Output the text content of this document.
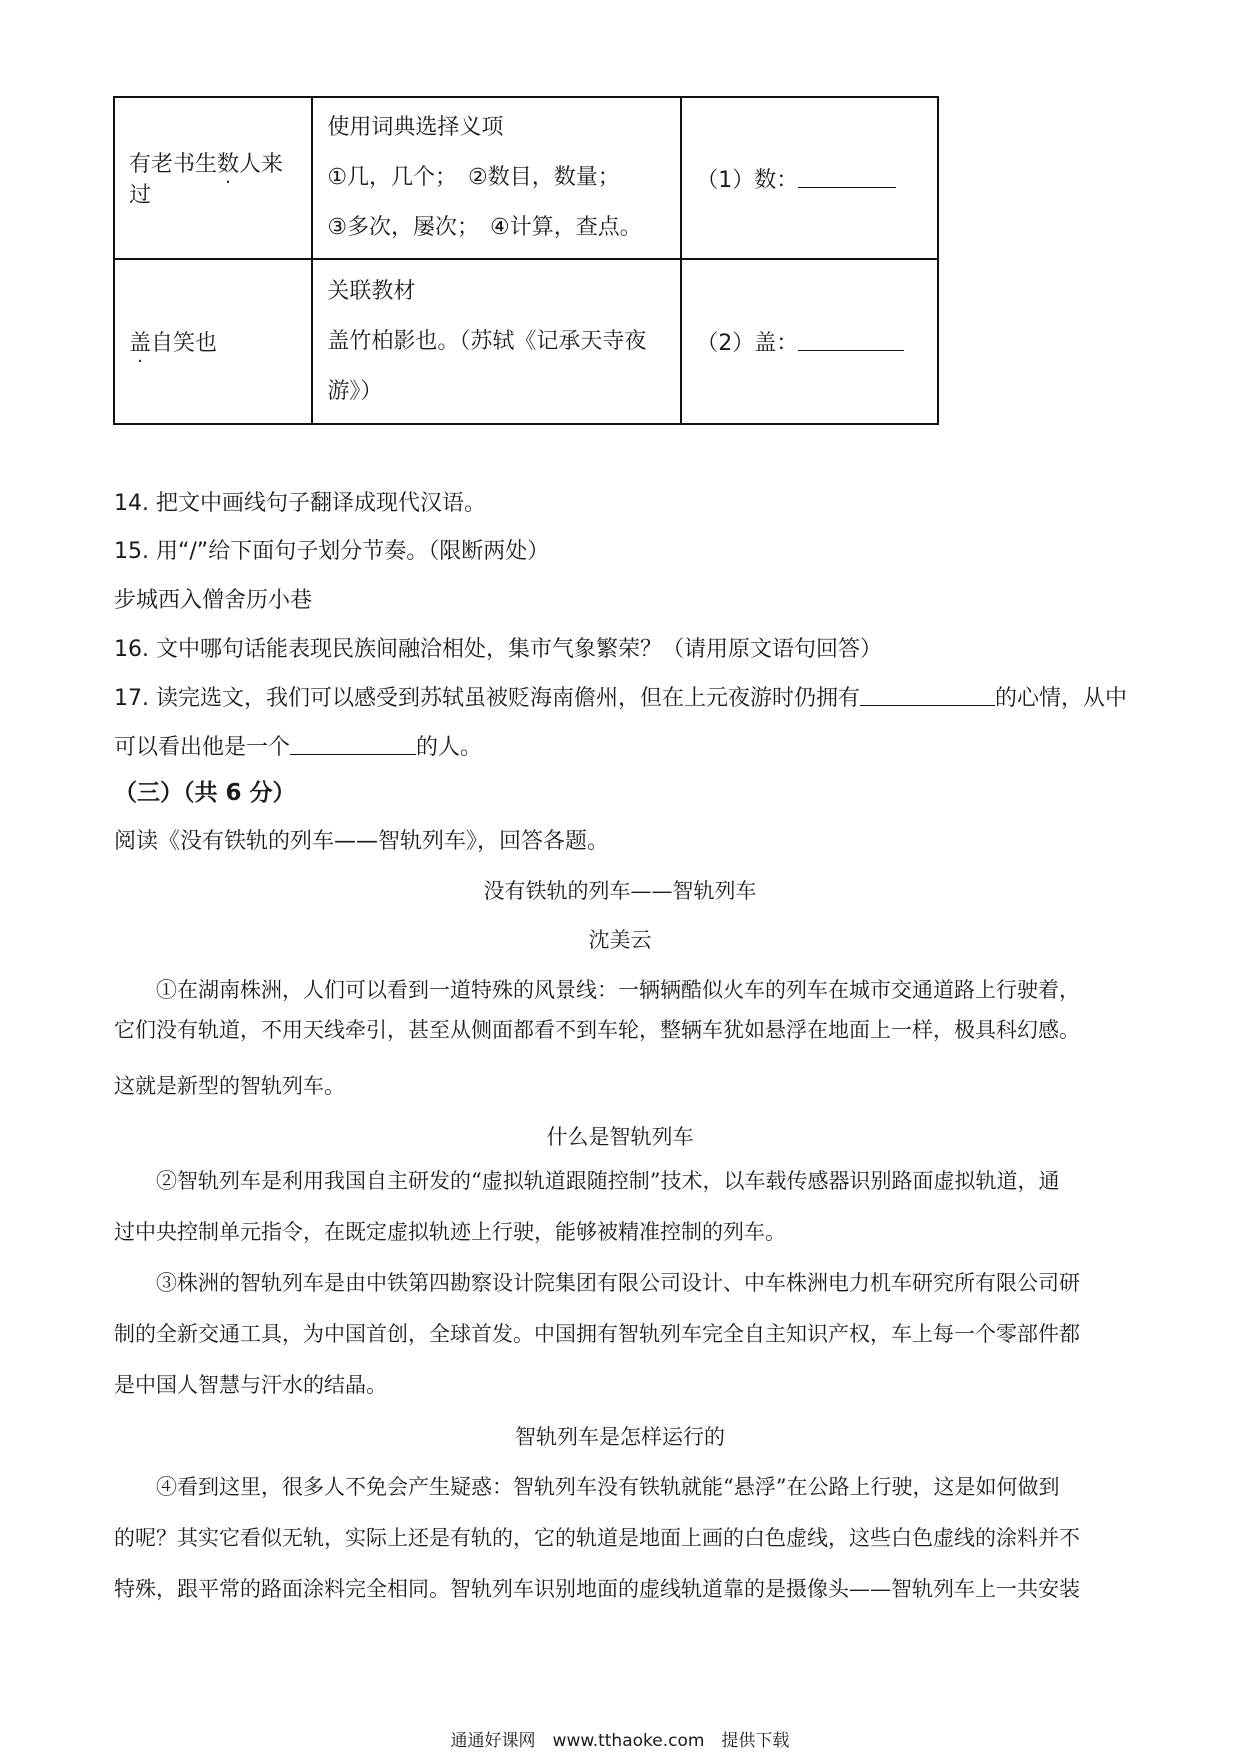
有老书生数人来过	使用词典选择义项
①几，几个；　②数目，数量；
③多次，屡次；　④计算，查点。	（1）数：

盖自笑也	关联教材
盖竹柏影也。（苏轼《记承天寺夜
游》）	（2）盖：
14. 把文中画线句子翻译成现代汉语。
15. 用“/”给下面句子划分节奏。（限断两处）
步城西入僧舍历小巷
16. 文中哪句话能表现民族间融洽相处，集市气象繁荣？（请用原文语句回答）
17. 读完选文，我们可以感受到苏轼虽被贬海南儋州，但在上元夜游时仍拥有	的心情，从中
可以看出他是一个	的人。
（三）（共 6 分）
阅读《没有铁轨的列车——智轨列车》，回答各题。
没有铁轨的列车——智轨列车
沈美云
①在湖南株洲，人们可以看到一道特殊的风景线：一辆辆酷似火车的列车在城市交通道路上行驶着，
它们没有轨道，不用天线牵引，甚至从侧面都看不到车轮，整辆车犹如悬浮在地面上一样，极具科幻感。
这就是新型的智轨列车。
什么是智轨列车
②智轨列车是利用我国自主研发的“虚拟轨道跟随控制”技术，以车载传感器识别路面虚拟轨道，通
过中央控制单元指令，在既定虚拟轨迹上行驶，能够被精准控制的列车。
③株洲的智轨列车是由中铁第四勘察设计院集团有限公司设计、中车株洲电力机车研究所有限公司研
制的全新交通工具，为中国首创，全球首发。中国拥有智轨列车完全自主知识产权，车上每一个零部件都
是中国人智慧与汗水的结晶。
智轨列车是怎样运行的
④看到这里，很多人不免会产生疑惑：智轨列车没有铁轨就能“悬浮”在公路上行驶，这是如何做到
的呢？其实它看似无轨，实际上还是有轨的，它的轨道是地面上画的白色虚线，这些白色虚线的涂料并不
特殊，跟平常的路面涂料完全相同。智轨列车识别地面的虚线轨道靠的是摄像头——智轨列车上一共安装
通通好课网　www.tthaoke.com　提供下载
